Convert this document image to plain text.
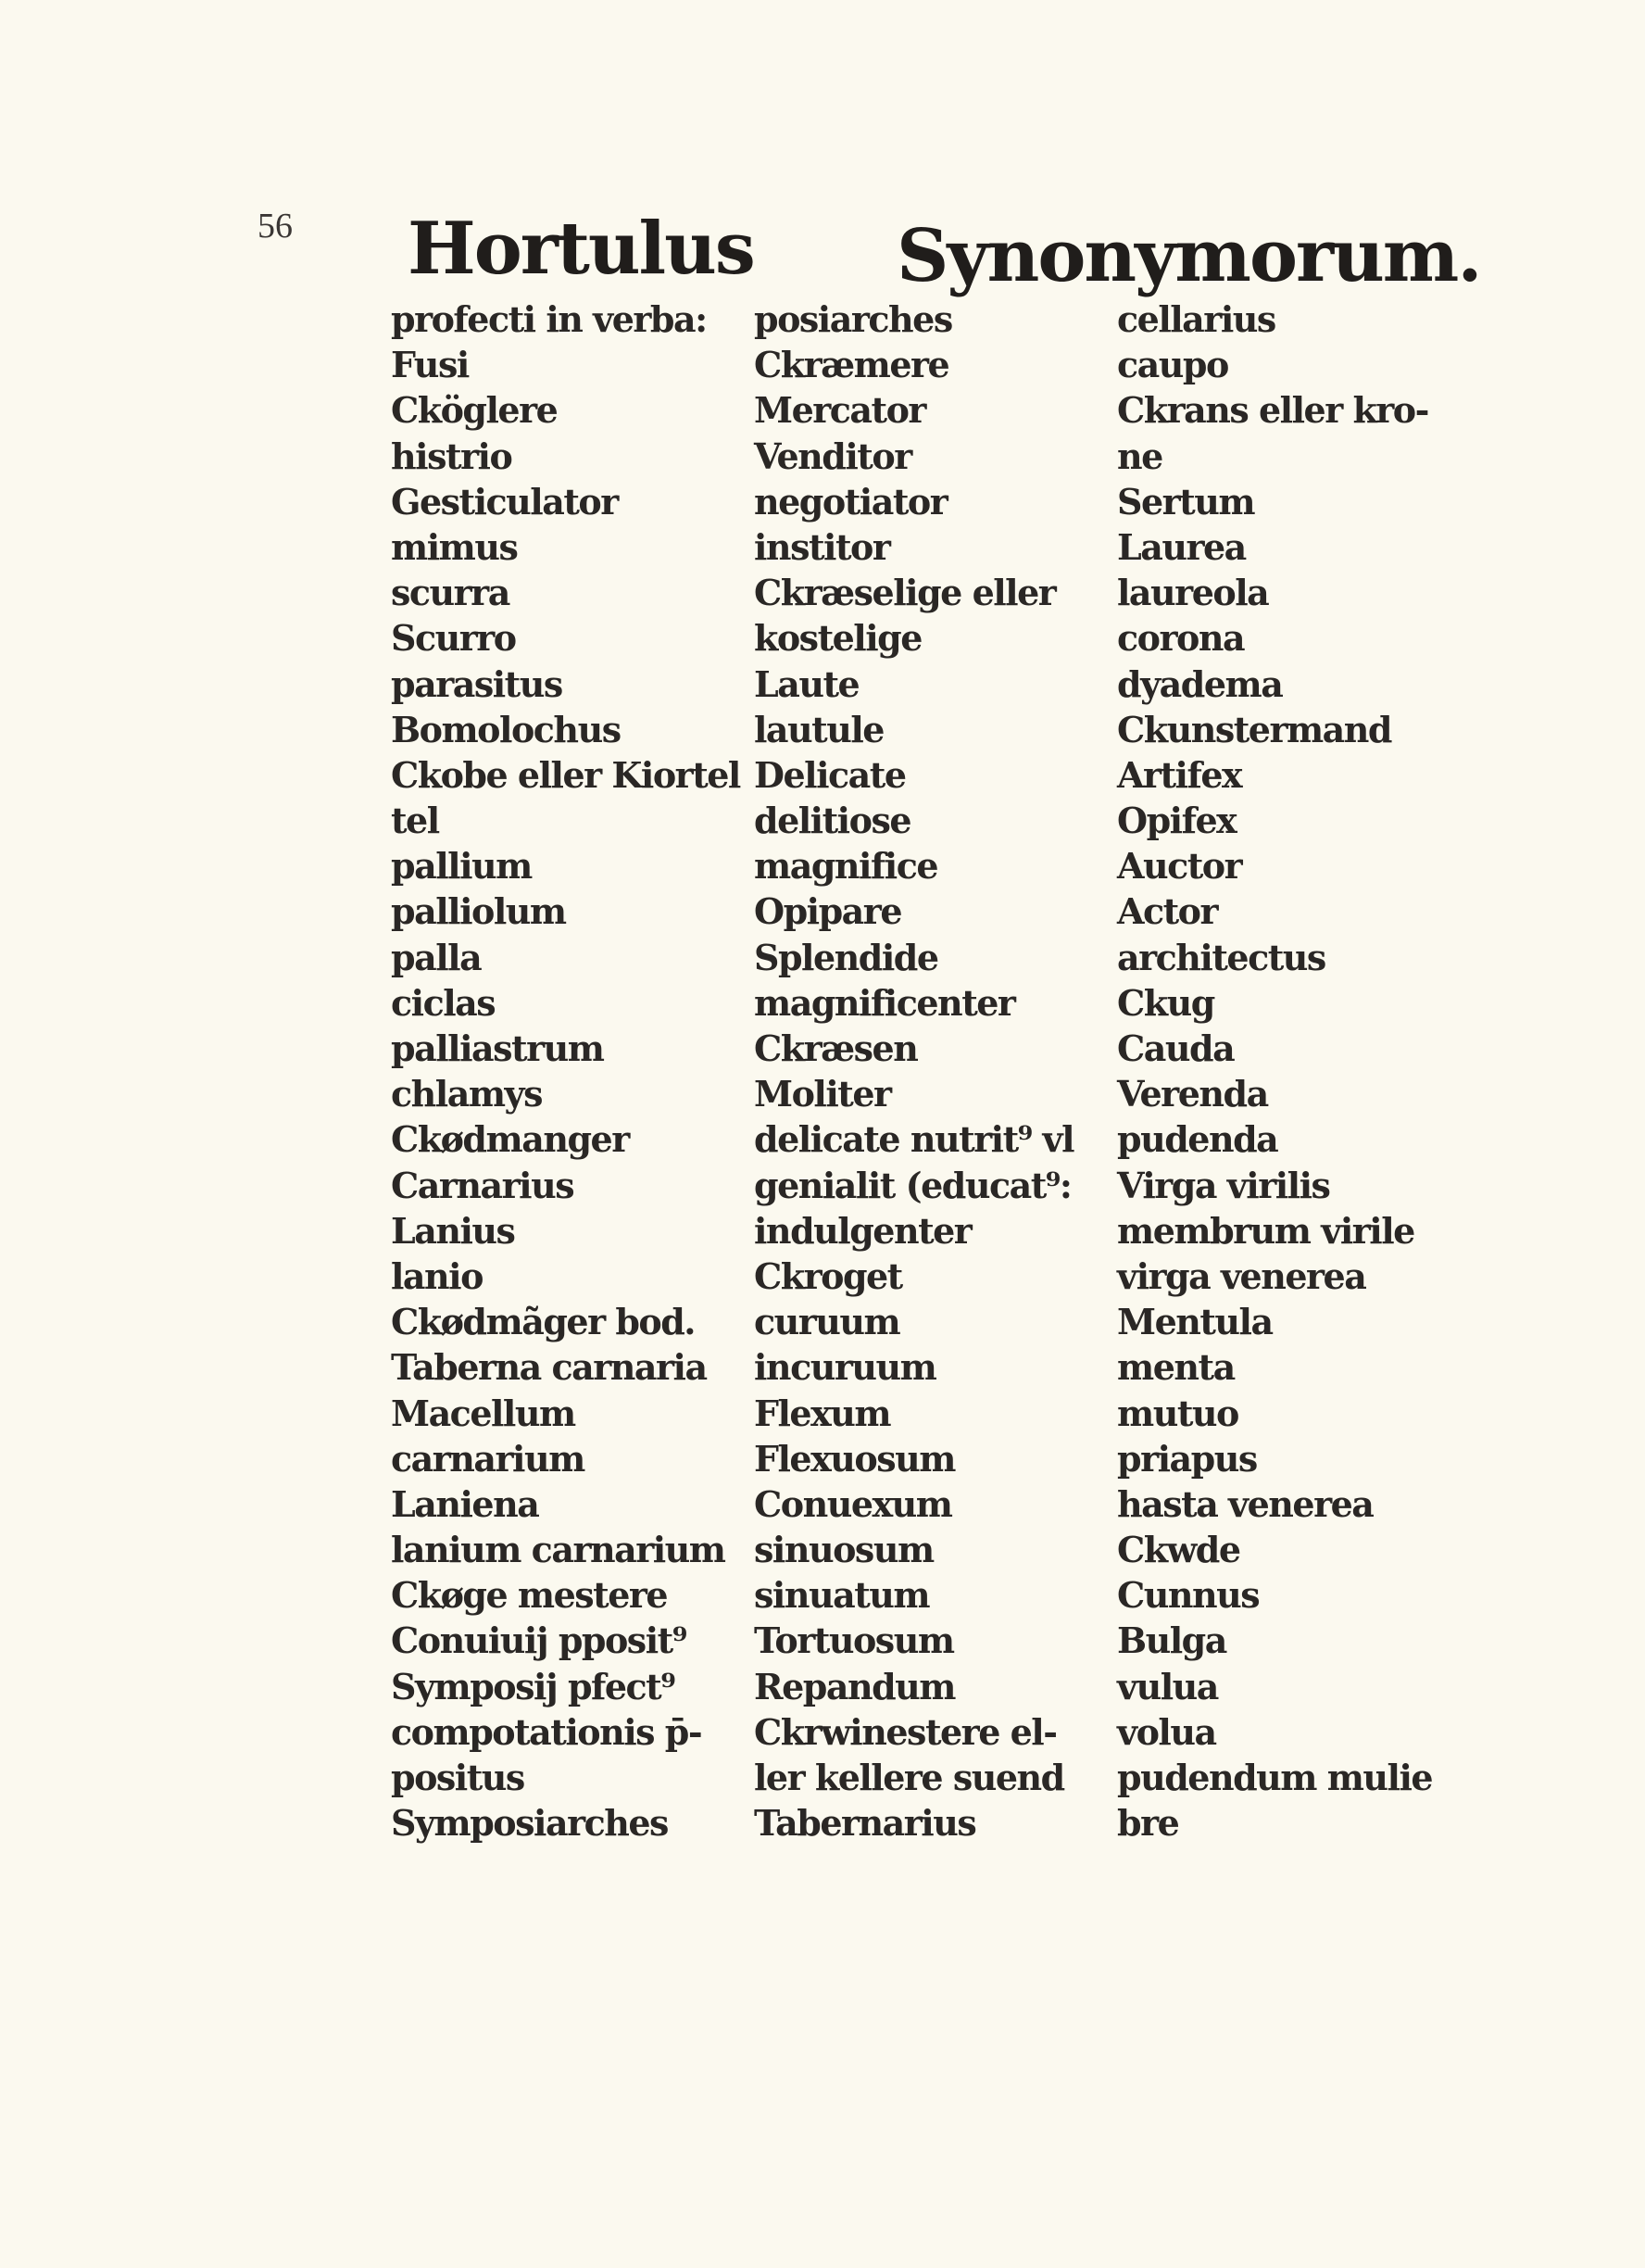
56 Hortulus Synonymorum.
profecti in verba:
Fusi
Cköglere
histrio
Gesticulator
mimus
scurra
Scurro
parasitus
Bomolochus
Ckobe eller Kiortel
tel
pallium
palliolum
palla
ciclas
palliastrum
chlamys
Ckødmanger
Carnarius
Lanius
lanio
Ckødmãger bod.
Taberna carnaria
Macellum
carnarium
Laniena
lanium carnarium
Ckøge mestere
Conuiuij pposit⁹
Symposij pfect⁹
compotationis p̄-
positus
Symposiarches
posiarches
Ckræmere
Mercator
Venditor
negotiator
institor
Ckræselige eller
kostelige
Laute
lautule
Delicate
delitiose
magnifice
Opipare
Splendide
magnificenter
Ckræsen
Moliter
delicate nutrit⁹ vl
genialit (educat⁹:
indulgenter
Ckroget
curuum
incuruum
Flexum
Flexuosum
Conuexum
sinuosum
sinuatum
Tortuosum
Repandum
Ckrwinestere el-
ler kellere suend
Tabernarius
cellarius
caupo
Ckrans eller kro-
ne
Sertum
Laurea
laureola
corona
dyadema
Ckunstermand
Artifex
Opifex
Auctor
Actor
architectus
Ckug
Cauda
Verenda
pudenda
Virga virilis
membrum virile
virga venerea
Mentula
menta
mutuo
priapus
hasta venerea
Ckwde
Cunnus
Bulga
vulua
volua
pudendum mulie
bre
